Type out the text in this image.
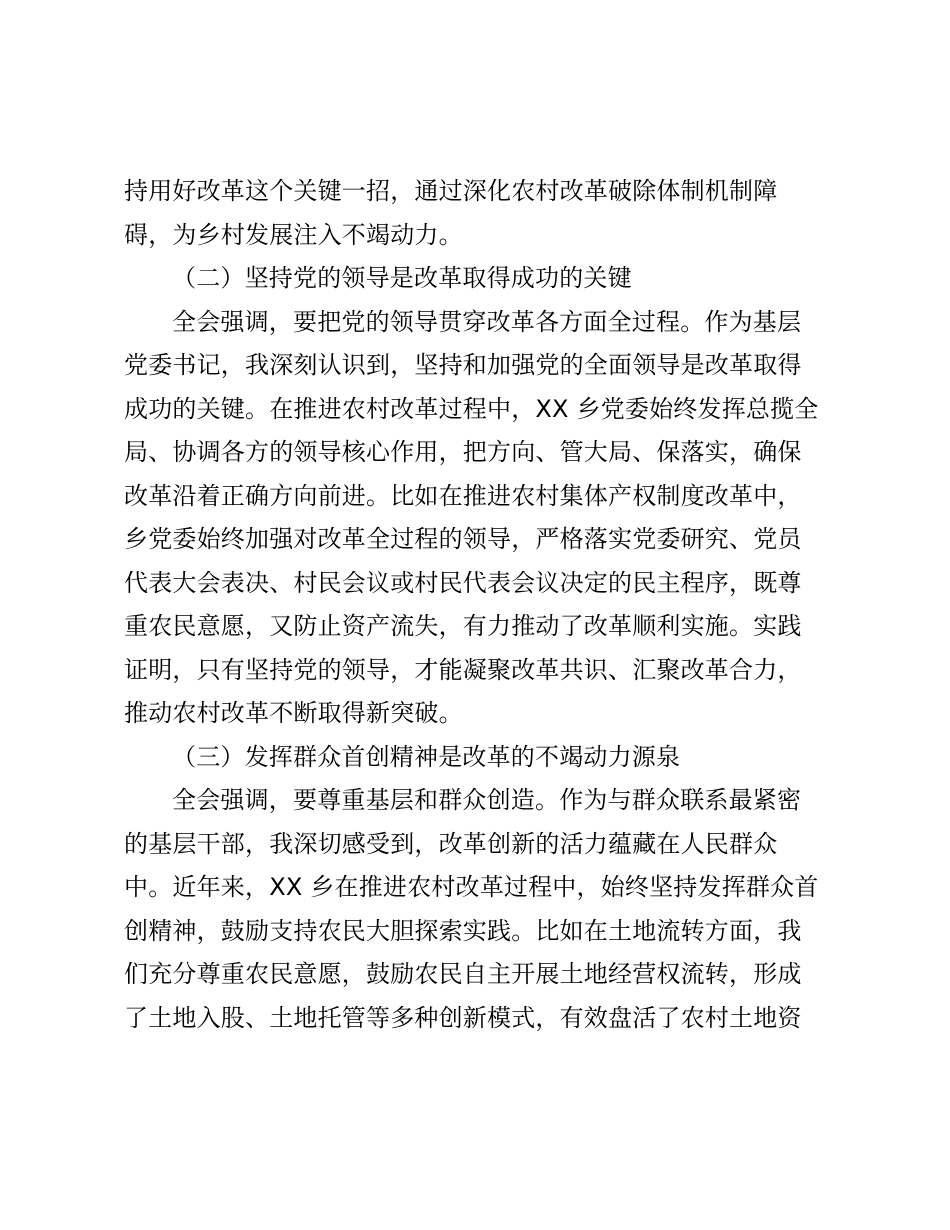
持用好改革这个关键一招，通过深化农村改革破除体制机制障
碍，为乡村发展注入不竭动力。
（二）坚持党的领导是改革取得成功的关键
全会强调，要把党的领导贯穿改革各方面全过程。作为基层
党委书记，我深刻认识到，坚持和加强党的全面领导是改革取得
成功的关键。在推进农村改革过程中，XX 乡党委始终发挥总揽全
局、协调各方的领导核心作用，把方向、管大局、保落实，确保
改革沿着正确方向前进。比如在推进农村集体产权制度改革中，
乡党委始终加强对改革全过程的领导，严格落实党委研究、党员
代表大会表决、村民会议或村民代表会议决定的民主程序，既尊
重农民意愿，又防止资产流失，有力推动了改革顺利实施。实践
证明，只有坚持党的领导，才能凝聚改革共识、汇聚改革合力，
推动农村改革不断取得新突破。
（三）发挥群众首创精神是改革的不竭动力源泉
全会强调，要尊重基层和群众创造。作为与群众联系最紧密
的基层干部，我深切感受到，改革创新的活力蕴藏在人民群众
中。近年来，XX 乡在推进农村改革过程中，始终坚持发挥群众首
创精神，鼓励支持农民大胆探索实践。比如在土地流转方面，我
们充分尊重农民意愿，鼓励农民自主开展土地经营权流转，形成
了土地入股、土地托管等多种创新模式，有效盘活了农村土地资
